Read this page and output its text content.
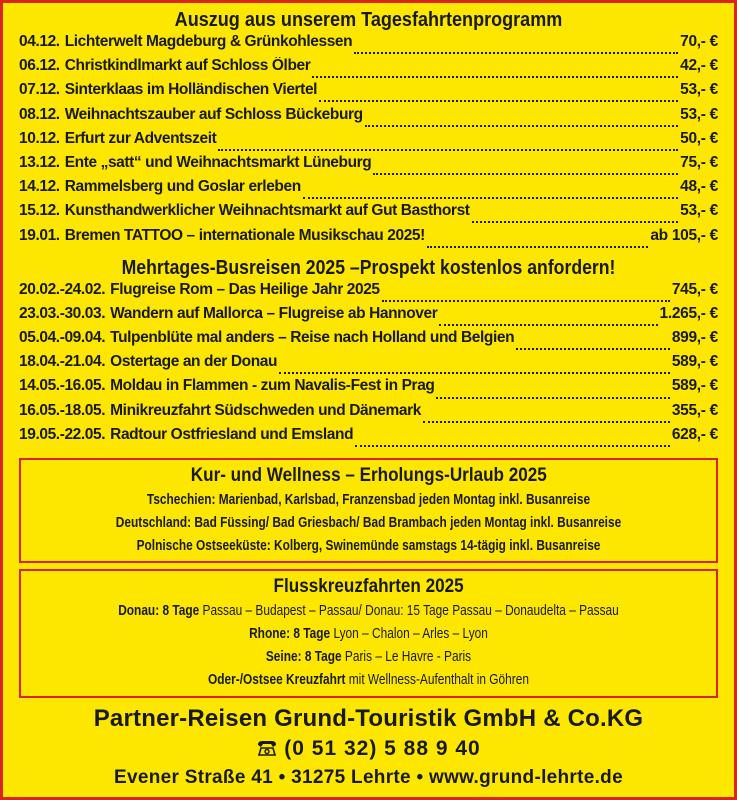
Auszug aus unserem Tagesfahrtenprogramm
04.12. Lichterwelt Magdeburg & Grünkohlessen	70,- €
06.12. Christkindlmarkt auf Schloss Ölber	42,- €
07.12. Sinterklaas im Holländischen Viertel	53,- €
08.12. Weihnachtszauber auf Schloss Bückeburg	53,- €
10.12. Erfurt zur Adventszeit	50,- €
13.12. Ente „satt“ und Weihnachtsmarkt Lüneburg	75,- €
14.12. Rammelsberg und Goslar erleben	48,- €
15.12. Kunsthandwerklicher Weihnachtsmarkt auf Gut Basthorst	53,- €
19.01. Bremen TATTOO – internationale Musikschau 2025!	ab 105,- €
Mehrtages-Busreisen 2025 –Prospekt kostenlos anfordern!
20.02.-24.02. Flugreise Rom – Das Heilige Jahr 2025	745,- €
23.03.-30.03. Wandern auf Mallorca – Flugreise ab Hannover	1.265,- €
05.04.-09.04. Tulpenblüte mal anders – Reise nach Holland und Belgien	899,- €
18.04.-21.04. Ostertage an der Donau	589,- €
14.05.-16.05. Moldau in Flammen - zum Navalis-Fest in Prag	589,- €
16.05.-18.05. Minikreuzfahrt Südschweden und Dänemark	355,- €
19.05.-22.05. Radtour Ostfriesland und Emsland	628,- €
Kur- und Wellness – Erholungs-Urlaub 2025
Tschechien: Marienbad, Karlsbad, Franzensbad jeden Montag inkl. Busanreise
Deutschland: Bad Füssing/ Bad Griesbach/ Bad Brambach jeden Montag inkl. Busanreise
Polnische Ostseeküste: Kolberg, Swinemünde samstags 14-tägig inkl. Busanreise
Flusskreuzfahrten 2025
Donau: 8 Tage Passau – Budapest – Passau/ Donau: 15 Tage Passau – Donaudelta – Passau
Rhone: 8 Tage Lyon – Chalon – Arles – Lyon
Seine: 8 Tage Paris – Le Havre - Paris
Oder-/Ostsee Kreuzfahrt mit Wellness-Aufenthalt in Göhren
Partner-Reisen Grund-Touristik GmbH & Co.KG
(0 51 32) 5 88 9 40
Evener Straße 41 • 31275 Lehrte • www.grund-lehrte.de
